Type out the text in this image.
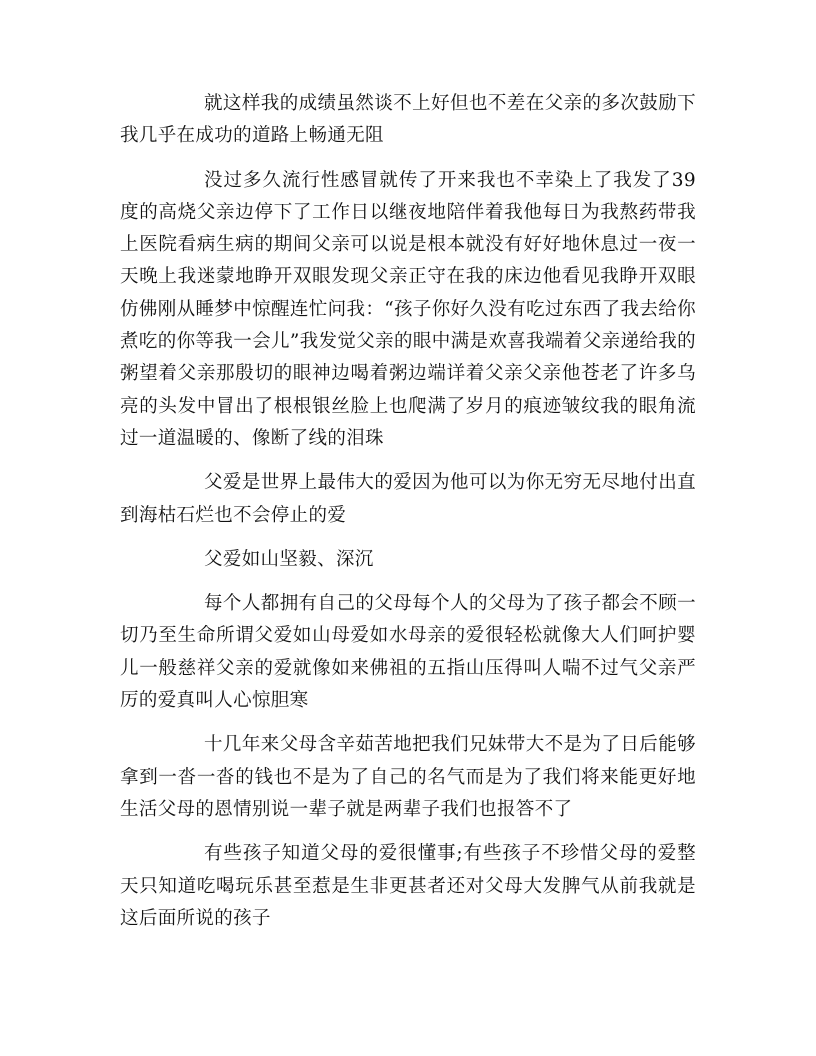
就这样我的成绩虽然谈不上好但也不差在父亲的多次鼓励下我几乎在成功的道路上畅通无阻

没过多久流行性感冒就传了开来我也不幸染上了我发了39度的高烧父亲边停下了工作日以继夜地陪伴着我他每日为我熬药带我上医院看病生病的期间父亲可以说是根本就没有好好地休息过一夜一天晚上我迷蒙地睁开双眼发现父亲正守在我的床边他看见我睁开双眼仿佛刚从睡梦中惊醒连忙问我：“孩子你好久没有吃过东西了我去给你煮吃的你等我一会儿”我发觉父亲的眼中满是欢喜我端着父亲递给我的粥望着父亲那殷切的眼神边喝着粥边端详着父亲父亲他苍老了许多乌亮的头发中冒出了根根银丝脸上也爬满了岁月的痕迹皱纹我的眼角流过一道温暖的、像断了线的泪珠

父爱是世界上最伟大的爱因为他可以为你无穷无尽地付出直到海枯石烂也不会停止的爱

父爱如山坚毅、深沉

每个人都拥有自己的父母每个人的父母为了孩子都会不顾一切乃至生命所谓父爱如山母爱如水母亲的爱很轻松就像大人们呵护婴儿一般慈祥父亲的爱就像如来佛祖的五指山压得叫人喘不过气父亲严厉的爱真叫人心惊胆寒

十几年来父母含辛茹苦地把我们兄妹带大不是为了日后能够拿到一沓一沓的钱也不是为了自己的名气而是为了我们将来能更好地生活父母的恩情别说一辈子就是两辈子我们也报答不了

有些孩子知道父母的爱很懂事;有些孩子不珍惜父母的爱整天只知道吃喝玩乐甚至惹是生非更甚者还对父母大发脾气从前我就是这后面所说的孩子
